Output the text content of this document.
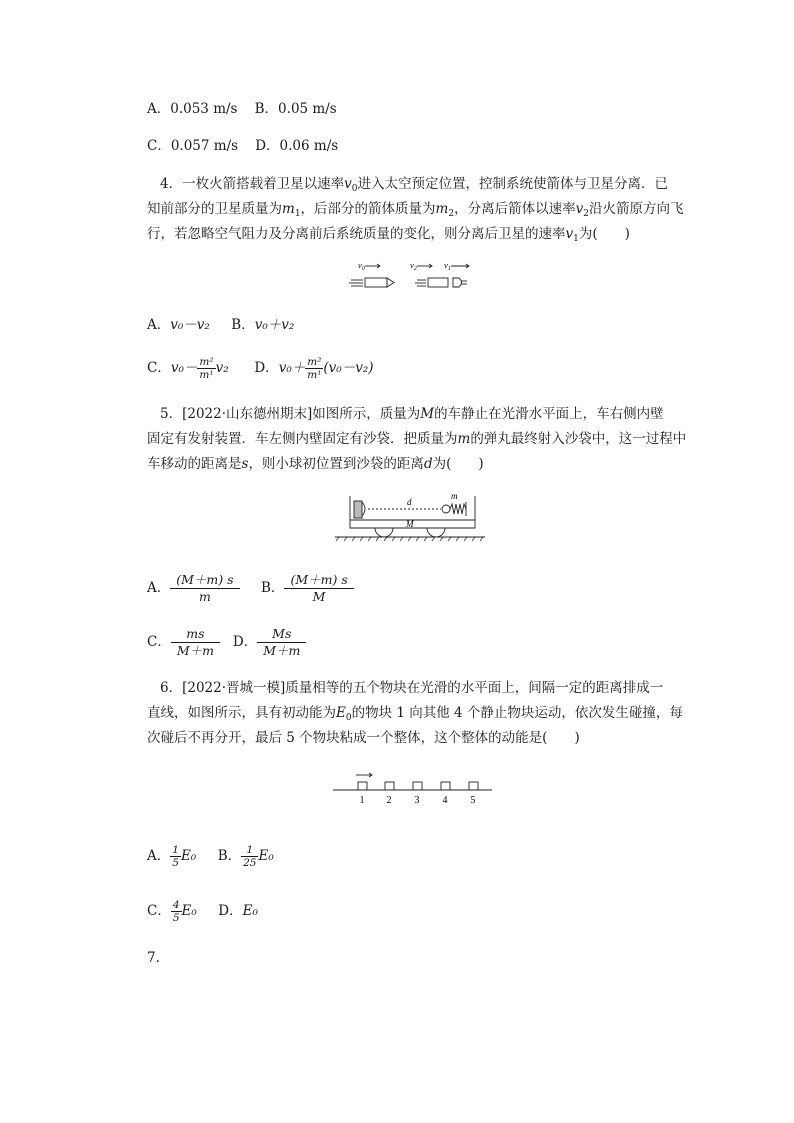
A．0.053 m/s B．0.05 m/s
C．0.057 m/s D．0.06 m/s
4．一枚火箭搭载着卫星以速率$v_0$进入太空预定位置，控制系统使箭体与卫星分离．已
知前部分的卫星质量为$m_1$，后部分的箭体质量为$m_2$，分离后箭体以速率$v_2$沿火箭原方向飞
行，若忽略空气阻力及分离前后系统质量的变化，则分离后卫星的速率$v_1$为(　　)
$v_0$	$v_2$	$v_1$
A．v₀－v₂ B．v₀＋v₂
C．$v_0- \frac{\text{m²}}{\text{m¹}} v_2$ D．$v_0+ \frac{\text{m²}}{\text{m¹}} (v_0-v_2)$
5．[2022·山东德州期末]如图所示，质量为M的车静止在光滑水平面上，车右侧内壁
固定有发射装置．车左侧内壁固定有沙袋．把质量为m的弹丸最终射入沙袋中，这一过程中
车移动的距离是s，则小球初位置到沙袋的距离d为(　　)
d
m
M
A． $\frac{(M+m) s}{m}$ B． $\frac{(M+m) s}{M}$
C． $\frac{ms}{M+m}$ D． $\frac{Ms}{M+m}$
6．[2022·晋城一模]质量相等的五个物块在光滑的水平面上，间隔一定的距离排成一
直线，如图所示，具有初动能为$E_0$的物块 1 向其他 4 个静止物块运动，依次发生碰撞，每
次碰后不再分开，最后 5 个物块粘成一个整体，这个整体的动能是(　　)
1 2 3 4 5
A． $\frac{1}{5} E_0$ B． $\frac{1}{25} E_0$
C． $\frac{4}{5} E_0$ D．E₀
7.
